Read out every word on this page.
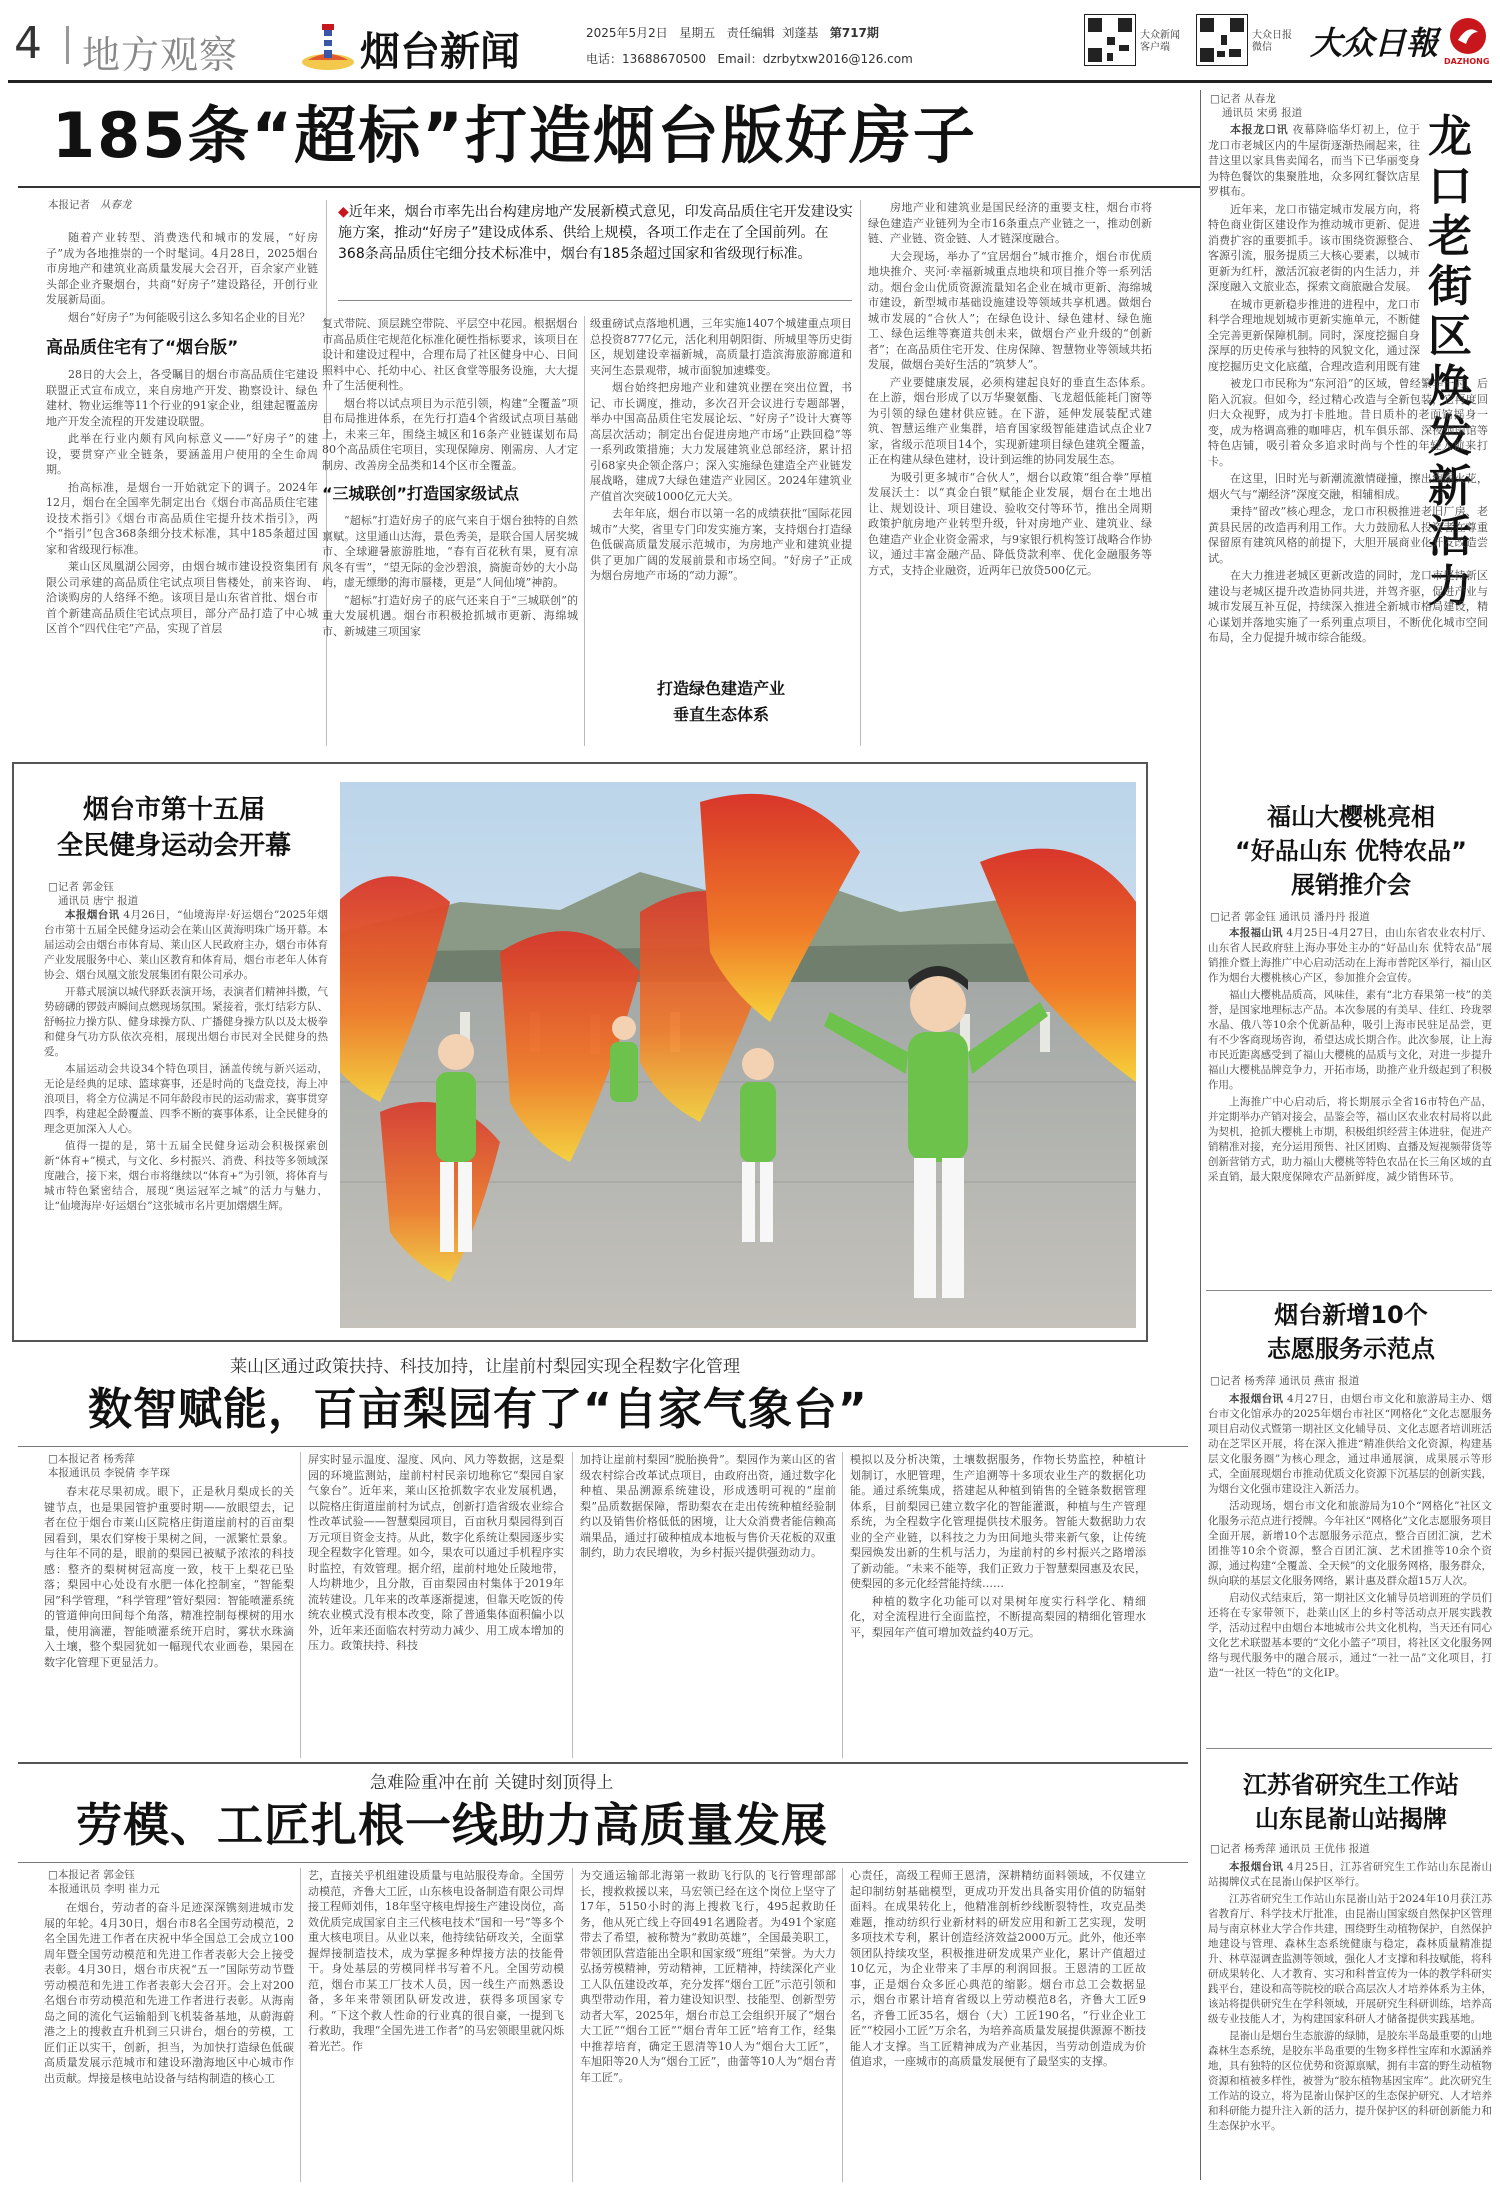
4 地方观察	烟台新闻	2025年5月2日 星期五 责任编辑 刘蓬基 第717期
电话：13688670500 Email：dzrbytxw2016@126.com
大众新闻客户端
大众日报微信	大众日報 DAZHONG
185条“超标”打造烟台版好房子
本报记者 从春龙

随着产业转型、消费迭代和城市的发展，“好房子”成为各地推崇的一个时髦词。4月28日，2025烟台市房地产和建筑业高质量发展大会召开，百余家产业链头部企业齐聚烟台，共商“好房子”建设路径，开创行业发展新局面。

烟台“好房子”为何能吸引这么多知名企业的目光？

高品质住宅有了“烟台版”

28日的大会上，各受瞩目的烟台市高品质住宅建设联盟正式宣布成立，来自房地产开发、勘察设计、绿色建材、物业运维等11个行业的91家企业，组建起覆盖房地产开发全流程的开发建设联盟。

此举在行业内颇有风向标意义——“好房子”的建设，要贯穿产业全链条，要涵盖用户使用的全生命周期。

抬高标准，是烟台一开始就定下的调子。2024年12月，烟台在全国率先制定出台《烟台市高品质住宅建设技术指引》《烟台市高品质住宅提升技术指引》，两个“指引”包含368条细分技术标准，其中185条超过国家和省级现行标准。

莱山区凤凰湖公园旁，由烟台城市建设投资集团有限公司承建的高品质住宅试点项目售楼处，前来咨询、洽谈购房的人络绎不绝。该项目是山东省首批、烟台市首个新建高品质住宅试点项目，部分产品打造了中心城区首个“四代住宅”产品，实现了首层

◆近年来，烟台市率先出台构建房地产发展新模式意见，印发高品质住宅开发建设实施方案，推动“好房子”建设成体系、供给上规模，各项工作走在了全国前列。在368条高品质住宅细分技术标准中，烟台有185条超过国家和省级现行标准。

复式带院、顶层跳空带院、平层空中花园。根据烟台市高品质住宅规范化标准化硬性指标要求，该项目在设计和建设过程中，合理布局了社区健身中心、日间照料中心、托幼中心、社区食堂等服务设施，大大提升了生活便利性。

烟台将以试点项目为示范引领，构建“全覆盖”项目布局推进体系，在先行打造4个省级试点项目基础上，未来三年，围绕主城区和16条产业链谋划布局80个高品质住宅项目，实现保障房、刚需房、人才定制房、改善房全品类和14个区市全覆盖。

“三城联创”打造国家级试点

“超标”打造好房子的底气来自于烟台独特的自然禀赋。这里通山达海，景色秀美，是联合国人居奖城市、全球避暑旅游胜地，“春有百花秋有果，夏有凉风冬有雪”，“望无际的金沙碧浪，旖旎奇妙的大小岛屿，虚无缥缈的海市蜃楼，更是“人间仙境”神韵。

“超标”打造好房子的底气还来自于“三城联创”的重大发展机遇。烟台市积极抢抓城市更新、海绵城市、新城建三项国家

级重磅试点落地机遇，三年实施1407个城建重点项目总投资8777亿元，活化利用朝阳街、所城里等历史街区，规划建设幸福新城，高质量打造滨海旅游廊道和夹河生态景观带，城市面貌加速蝶变。

烟台始终把房地产业和建筑业摆在突出位置，书记、市长调度，推动，多次召开会议进行专题部署，举办中国高品质住宅发展论坛、“好房子”设计大赛等高层次活动；制定出台促进房地产市场“止跌回稳”等一系列政策措施；大力发展建筑业总部经济，累计招引68家央企领企落户；深入实施绿色建造全产业链发展战略，建成7大绿色建造产业园区。2024年建筑业产值首次突破1000亿元大关。

去年年底，烟台市以第一名的成绩获批“国际花园城市”大奖，省里专门印发实施方案，支持烟台打造绿色低碳高质量发展示范城市，为房地产业和建筑业提供了更加广阔的发展前景和市场空间。“好房子”正成为烟台房地产市场的“动力源”。

打造绿色建造产业
垂直生态体系

房地产业和建筑业是国民经济的重要支柱，烟台市将绿色建造产业链列为全市16条重点产业链之一，推动创新链、产业链、资金链、人才链深度融合。

大会现场，举办了“宜居烟台”城市推介，烟台市优质地块推介、夹河·幸福新城重点地块和项目推介等一系列活动。烟台金山优质资源流量知名企业在城市更新、海绵城市建设，新型城市基础设施建设等领域共享机遇。做烟台城市发展的“合伙人”；在绿色设计、绿色建材、绿色施工、绿色运维等赛道共创未来，做烟台产业升级的“创新者”；在高品质住宅开发、住房保障、智慧物业等领域共拓发展，做烟台美好生活的“筑梦人”。

产业要健康发展，必须构建起良好的垂直生态体系。在上游，烟台形成了以万华聚氨酯、飞龙超低能耗门窗等为引领的绿色建材供应链。在下游，延伸发展装配式建筑、智慧运维产业集群，培育国家级智能建造试点企业7家，省级示范项目14个，实现新建项目绿色建筑全覆盖，正在构建从绿色建材，设计到运维的协同发展生态。

为吸引更多城市“合伙人”，烟台以政策“组合拳”厚植发展沃土：以“真金白银”赋能企业发展，烟台在土地出让、规划设计、项目建设、验收交付等环节，推出全周期政策护航房地产业转型升级，针对房地产业、建筑业、绿色建造产业企业资金需求，与9家银行机构签订战略合作协议，通过丰富金融产品、降低贷款利率、优化金融服务等方式，支持企业融资，近两年已放贷500亿元。

□记者 从春龙
通讯员 宋勇 报道	龙口老街区焕发新活力

本报龙口讯 夜幕降临华灯初上，位于龙口市老城区内的牛屋街逐渐热闹起来，往昔这里以家具售卖闻名，而当下已华丽变身为特色餐饮的集聚胜地，众多网红餐饮店星罗棋布。

近年来，龙口市锚定城市发展方向，将特色商业街区建设作为推动城市更新、促进消费扩容的重要抓手。该市围绕资源整合、客源引流，服务提质三大核心要素，以城市更新为红杆，激活沉寂老街的内生活力，并深度融入文旅业态，探索文商旅融合发展。

在城市更新稳步推进的进程中，龙口市科学合理地规划城市更新实施单元，不断健全完善更新保障机制。同时，深度挖掘自身深厚的历史传承与独特的风貌文化，通过深度挖掘历史文化底蕴，合理改造利用既有建

被龙口市民称为“东河沿”的区域，曾经繁华一时，后陷入沉寂。但如今，经过精心改造与全新包装，它再度回归大众视野，成为打卡胜地。昔日质朴的老面馆摇身一变，成为格调高雅的咖啡店，机车俱乐部、深夜烟雨馆等特色店铺，吸引着众多追求时尚与个性的年轻人前来打卡。

在这里，旧时光与新潮流激情碰撞，擦出绚丽火花，烟火气与“潮经济”深度交融，相辅相成。

秉持“留改”核心理念，龙口市积极推进老旧厂房、老黄县民居的改造再利用工作。大力鼓励私人投资者在尊重保留原有建筑风格的前提下，大胆开展商业化开发改造尝试。

在大力推进老城区更新改造的同时，龙口市坚持新区建设与老城区提升改造协同共进，并驾齐驱，促进产业与城市发展互补互促，持续深入推进全新城市格局建设，精心谋划并落地实施了一系列重点项目，不断优化城市空间布局，全力促提升城市综合能级。

烟台市第十五届
全民健身运动会开幕
□记者 郭金钰
通讯员 唐宁 报道

本报烟台讯 4月26日，“仙境海岸·好运烟台”2025年烟台市第十五届全民健身运动会在莱山区黄海明珠广场开幕。本届运动会由烟台市体育局、莱山区人民政府主办，烟台市体育产业发展服务中心、莱山区教育和体育局，烟台市老年人体育协会、烟台凤凰文旅发展集团有限公司承办。

开幕式展演以城代驿跃表演开场，表演者们精神抖擞，气势磅礴的锣鼓声瞬间点燃现场氛围。紧接着，张灯结彩方队、舒畅拉力操方队、健身球操方队、广播健身操方队以及太极拳和健身气功方队依次亮相，展现出烟台市民对全民健身的热爱。

本届运动会共设34个特色项目，涵盖传统与新兴运动，无论是经典的足球、篮球赛事，还是时尚的飞盘竞技，海上冲浪项目，将全方位满足不同年龄段市民的运动需求，赛事贯穿四季，构建起全龄覆盖、四季不断的赛事体系，让全民健身的理念更加深入人心。

值得一提的是，第十五届全民健身运动会积极探索创新“体育+”模式，与文化、乡村振兴、消费、科技等多领域深度融合，接下来，烟台市将继续以“体育+”为引领，将体育与城市特色紧密结合，展现“奥运冠军之城”的活力与魅力，让“仙境海岸·好运烟台”这张城市名片更加熠熠生辉。

福山大樱桃亮相
“好品山东 优特农品”
展销推介会
□记者 郭金钰 通讯员 潘丹丹 报道

本报福山讯 4月25日-4月27日，由山东省农业农村厅、山东省人民政府驻上海办事处主办的“好品山东 优特农品”展销推介暨上海推广中心启动活动在上海市普陀区举行，福山区作为烟台大樱桃核心产区，参加推介会宣传。

福山大樱桃品质高，风味佳，素有“北方春果第一枝”的美誉，是国家地理标志产品。本次参展的有美早、佳红、玲珑翠水晶、俄八等10余个优新品种，吸引上海市民驻足品尝，更有不少客商现场咨询，希望达成长期合作。此次参展，让上海市民近距离感受到了福山大樱桃的品质与文化，对进一步提升福山大樱桃品牌竞争力，开拓市场，助推产业升级起到了积极作用。

上海推广中心启动后，将长期展示全省16市特色产品，并定期举办产销对接会，品鉴会等，福山区农业农村局将以此为契机，抢抓大樱桃上市期，积极组织经营主体进驻，促进产销精准对接，充分运用预售、社区团购、直播及短视频带货等创新营销方式，助力福山大樱桃等特色农品在长三角区域的直采直销，最大限度保障农产品新鲜度，减少销售环节。

烟台新增10个
志愿服务示范点
□记者 杨秀萍 通讯员 燕宙 报道

本报烟台讯 4月27日，由烟台市文化和旅游局主办、烟台市文化馆承办的2025年烟台市社区“网格化”文化志愿服务项目启动仪式暨第一期社区文化辅导员、文化志愿者培训班活动在芝罘区开展，将在深入推进“精准供给文化资源，构建基层文化服务圈”为核心理念，通过串通展演，成果展示等形式，全面展现烟台市推动优质文化资源下沉基层的创新实践，为烟台文化强市建设注入新活力。

活动现场，烟台市文化和旅游局为10个“网格化”社区文化服务示范点进行授牌。今年社区“网格化”文化志愿服务项目全面开展，新增10个志愿服务示范点，整合百团汇演，艺术团推等10余个资源，整合百团汇演、艺术团推等10余个资源，通过构建“全覆盖、全天候”的文化服务网格，服务群众，纵向联的基层文化服务网络，累计惠及群众超15万人次。

启动仪式结束后，第一期社区文化辅导员培训班的学员们还将在专家带领下，赴莱山区上的乡村等活动点开展实践教学，活动过程中由烟台本地城市公共文化机构，当天还有同心文化艺术联盟基本要的“文化小篮子”项目，将社区文化服务网络与现代服务中的融合展示，通过“一社一品”文化项目，打造“一社区一特色”的文化IP。

莱山区通过政策扶持、科技加持，让崖前村梨园实现全程数字化管理
数智赋能，百亩梨园有了“自家气象台”
□本报记者 杨秀萍
本报通讯员 李锐倩 李芊琛

春末花尽果初成。眼下，正是秋月梨成长的关键节点，也是果园管护重要时期——放眼望去，记者在位于烟台市莱山区院格庄街道崖前村的百亩梨园看到，果农们穿梭于果树之间，一派繁忙景象。与往年不同的是，眼前的梨园已被赋予浓浓的科技感：整齐的梨树树冠高度一致，枝干上梨花已坠落；梨园中心处设有水肥一体化控制室，“智能梨园”科学管理，“科学管理”管好梨园：智能喷灌系统的管道伸向田间每个角落，精准控制每棵树的用水量，使用滴灌，智能喷灌系统开启时，雾状水珠滴入土壤，整个梨园犹如一幅现代农业画卷，果园在数字化管理下更显活力。

屏实时显示温度、湿度、风向、风力等数据，这是梨园的环境监测站，崖前村村民亲切地称它“梨园自家气象台”。近年来，莱山区抢抓数字农业发展机遇，以院格庄街道崖前村为试点，创新打造省级农业综合性改革试验——智慧梨园项目，百亩秋月梨园得到百万元项目资金支持。从此，数字化系统让梨园逐步实现全程数字化管理。如今，果农可以通过手机程序实时监控，有效管理。据介绍，崖前村地处丘陵地带，人均耕地少，且分散，百亩梨园由村集体于2019年流转建设。几年来的改革逐渐提速，但靠天吃饭的传统农业模式没有根本改变，除了普通集体面积偏小以外，近年来还面临农村劳动力减少、用工成本增加的压力。政策扶持、科技

加持让崖前村梨园“脱胎换骨”。梨园作为莱山区的省级农村综合改革试点项目，由政府出资，通过数字化种植、果品溯源系统建设，形成透明可视的“崖前梨”品质数据保障，帮助梨农在走出传统种植经验制约以及销售价格低低的困境，让大众消费者能信赖高端果品，通过打破种植成本地板与售价天花板的双重制约，助力农民增收，为乡村振兴提供强劲动力。

模拟以及分析决策，土壤数据服务，作物长势监控，种植计划制订，水肥管理，生产追溯等十多项农业生产的数据化功能。通过系统集成，搭建起从种植到销售的全链条数据管理体系，目前梨园已建立数字化的智能灌溉，种植与生产管理系统，为全程数字化管理提供技术服务。智能大数据助力农业的全产业链，以科技之力为田间地头带来新气象，让传统梨园焕发出新的生机与活力，为崖前村的乡村振兴之路增添了新动能。“未来不能等，我们正致力于智慧梨园惠及农民，使梨园的多元化经营能持续……

种植的数字化功能可以对果树年度实行科学化、精细化，对全流程进行全面监控，不断提高梨园的精细化管理水平，梨园年产值可增加效益约40万元。

急难险重冲在前 关键时刻顶得上
劳模、工匠扎根一线助力高质量发展
□本报记者 郭金钰
本报通讯员 李明 崔力元

在烟台，劳动者的奋斗足迹深深镌刻进城市发展的年轮。4月30日，烟台市8名全国劳动模范，2名全国先进工作者在庆祝中华全国总工会成立100周年暨全国劳动模范和先进工作者表彰大会上接受表彰。4月30日，烟台市庆祝“五一”国际劳动节暨劳动模范和先进工作者表彰大会召开。会上对200名烟台市劳动模范和先进工作者进行表彰。从海南岛之间的流化气运输船到飞机装备基地，从蔚海蔚港之上的搜救直升机到三只讲台，烟台的劳模，工匠们正以实干，创新，担当，为加快打造绿色低碳高质量发展示范城市和建设环渤海地区中心城市作出贡献。焊接是核电站设备与结构制造的核心工

艺，直接关乎机组建设质量与电站服役寿命。全国劳动模范，齐鲁大工匠，山东核电设备制造有限公司焊接工程师刘伟，18年坚守核电焊接生产建设岗位，高效优质完成国家自主三代核电技术“国和一号”等多个重大核电项目。从业以来，他持续钻研攻关，全面掌握焊接制造技术，成为掌握多种焊接方法的技能骨干。身处基层的劳模同样书写着不凡。全国劳动模范，烟台市某工厂技术人员，因一线生产而熟悉设备，多年来带领团队研发改进，获得多项国家专利。“下这个救人性命的行业真的很自豪，一提到飞行救助，我理“全国先进工作者”的马宏领眼里就闪烁着光芒。作

为交通运输部北海第一救助飞行队的飞行管理部部长，搜救救援以来，马宏领已经在这个岗位上坚守了17年，5150小时的海上搜救飞行，495起救助任务，他从死亡线上夺回491名遇险者。为491个家庭带去了希望，被称赞为“救助英雄”，全国最美职工，带领团队营造能出全职和国家级“班组”荣誉。为大力弘扬劳模精神，劳动精神，工匠精神，持续深化产业工人队伍建设改革，充分发挥“烟台工匠”示范引领和典型带动作用，着力建设知识型、技能型、创新型劳动者大军，2025年，烟台市总工会组织开展了“烟台大工匠”“烟台工匠”“烟台青年工匠”培育工作，经集中推荐培育，确定王恩清等10人为“烟台大工匠”，车旭阳等20人为“烟台工匠”，曲蕾等10人为“烟台青年工匠”。

心责任，高级工程师王恩清，深耕精纺面料领域，不仅建立起印制纺射基础模型，更成功开发出具备实用价值的防辐射面料。在成果转化上，他精准剖析纱线断裂特性，攻克品类难题，推动纺织行业新材料的研发应用和新工艺实现，发明多项技术专利，累计创造经济效益2000万元。此外，他还率领团队持续攻坚，积极推进研发成果产业化，累计产值超过10亿元，为企业带来了丰厚的利润回报。王恩清的工匠故事，正是烟台众多匠心典范的缩影。烟台市总工会数据显示，烟台市累计培育省级以上劳动模范8名，齐鲁大工匠9名，齐鲁工匠35名，烟台（大）工匠190名，“行业企业工匠”“校园小工匠”万余名，为培养高质量发展提供源源不断技能人才支撑。当工匠精神成为产业基因，当劳动创造成为价值追求，一座城市的高质量发展便有了最坚实的支撑。

江苏省研究生工作站
山东昆嵛山站揭牌
□记者 杨秀萍 通讯员 王优伟 报道

本报烟台讯 4月25日，江苏省研究生工作站山东昆嵛山站揭牌仪式在昆嵛山保护区举行。

江苏省研究生工作站山东昆嵛山站于2024年10月获江苏省教育厅、科学技术厅批准，由昆嵛山国家级自然保护区管理局与南京林业大学合作共建，围绕野生动植物保护，自然保护地建设与管理、森林生态系统健康与稳定，森林质量精准提升、林草湿调查监测等领域，强化人才支撑和科技赋能，将科研成果转化、人才教育、实习和科普宣传为一体的教学科研实践平台，建设和高等院校的联合高层次人才培养体系为主体，该站将提供研究生在学科领域，开展研究生科研训练，培养高级专业技能人才，为构建国家科研人才储备提供实践基地。

昆嵛山是烟台生态旅游的绿肺，是胶东半岛最重要的山地森林生态系统，是胶东半岛重要的生物多样性宝库和水源涵养地，具有独特的区位优势和资源禀赋，拥有丰富的野生动植物资源和植被多样性，被誉为“胶东植物基因宝库”。此次研究生工作站的设立，将为昆嵛山保护区的生态保护研究、人才培养和科研能力提升注入新的活力，提升保护区的科研创新能力和生态保护水平。
